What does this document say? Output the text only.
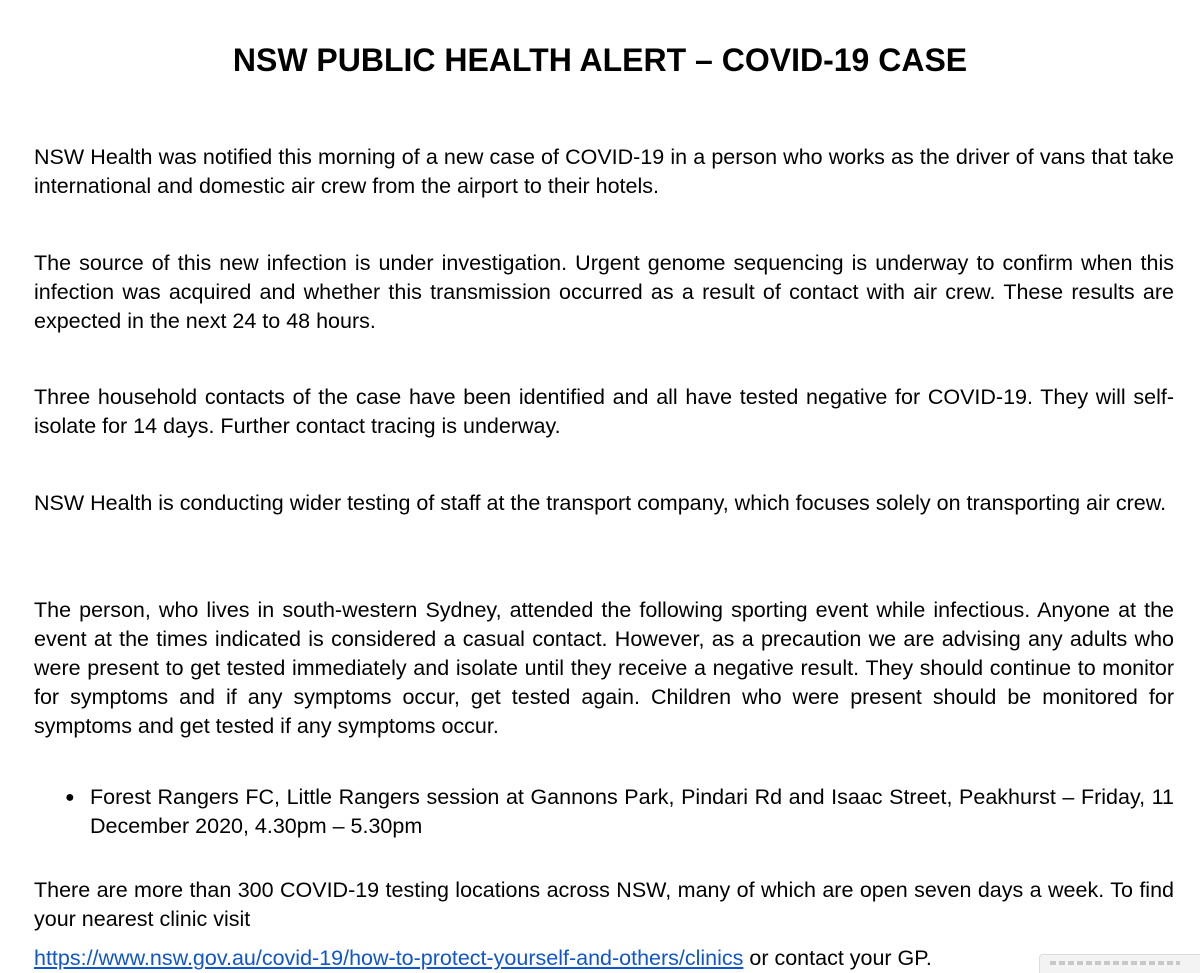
NSW PUBLIC HEALTH ALERT – COVID-19 CASE

NSW Health was notified this morning of a new case of COVID-19 in a person who works as the driver of vans that take international and domestic air crew from the airport to their hotels.

The source of this new infection is under investigation. Urgent genome sequencing is underway to confirm when this infection was acquired and whether this transmission occurred as a result of contact with air crew. These results are expected in the next 24 to 48 hours.

Three household contacts of the case have been identified and all have tested negative for COVID-19. They will self-isolate for 14 days. Further contact tracing is underway.

NSW Health is conducting wider testing of staff at the transport company, which focuses solely on transporting air crew.

The person, who lives in south-western Sydney, attended the following sporting event while infectious. Anyone at the event at the times indicated is considered a casual contact. However, as a precaution we are advising any adults who were present to get tested immediately and isolate until they receive a negative result. They should continue to monitor for symptoms and if any symptoms occur, get tested again. Children who were present should be monitored for symptoms and get tested if any symptoms occur.

● Forest Rangers FC, Little Rangers session at Gannons Park, Pindari Rd and Isaac Street, Peakhurst – Friday, 11 December 2020, 4.30pm – 5.30pm

There are more than 300 COVID-19 testing locations across NSW, many of which are open seven days a week. To find your nearest clinic visit

https://www.nsw.gov.au/covid-19/how-to-protect-yourself-and-others/clinics or contact your GP.
